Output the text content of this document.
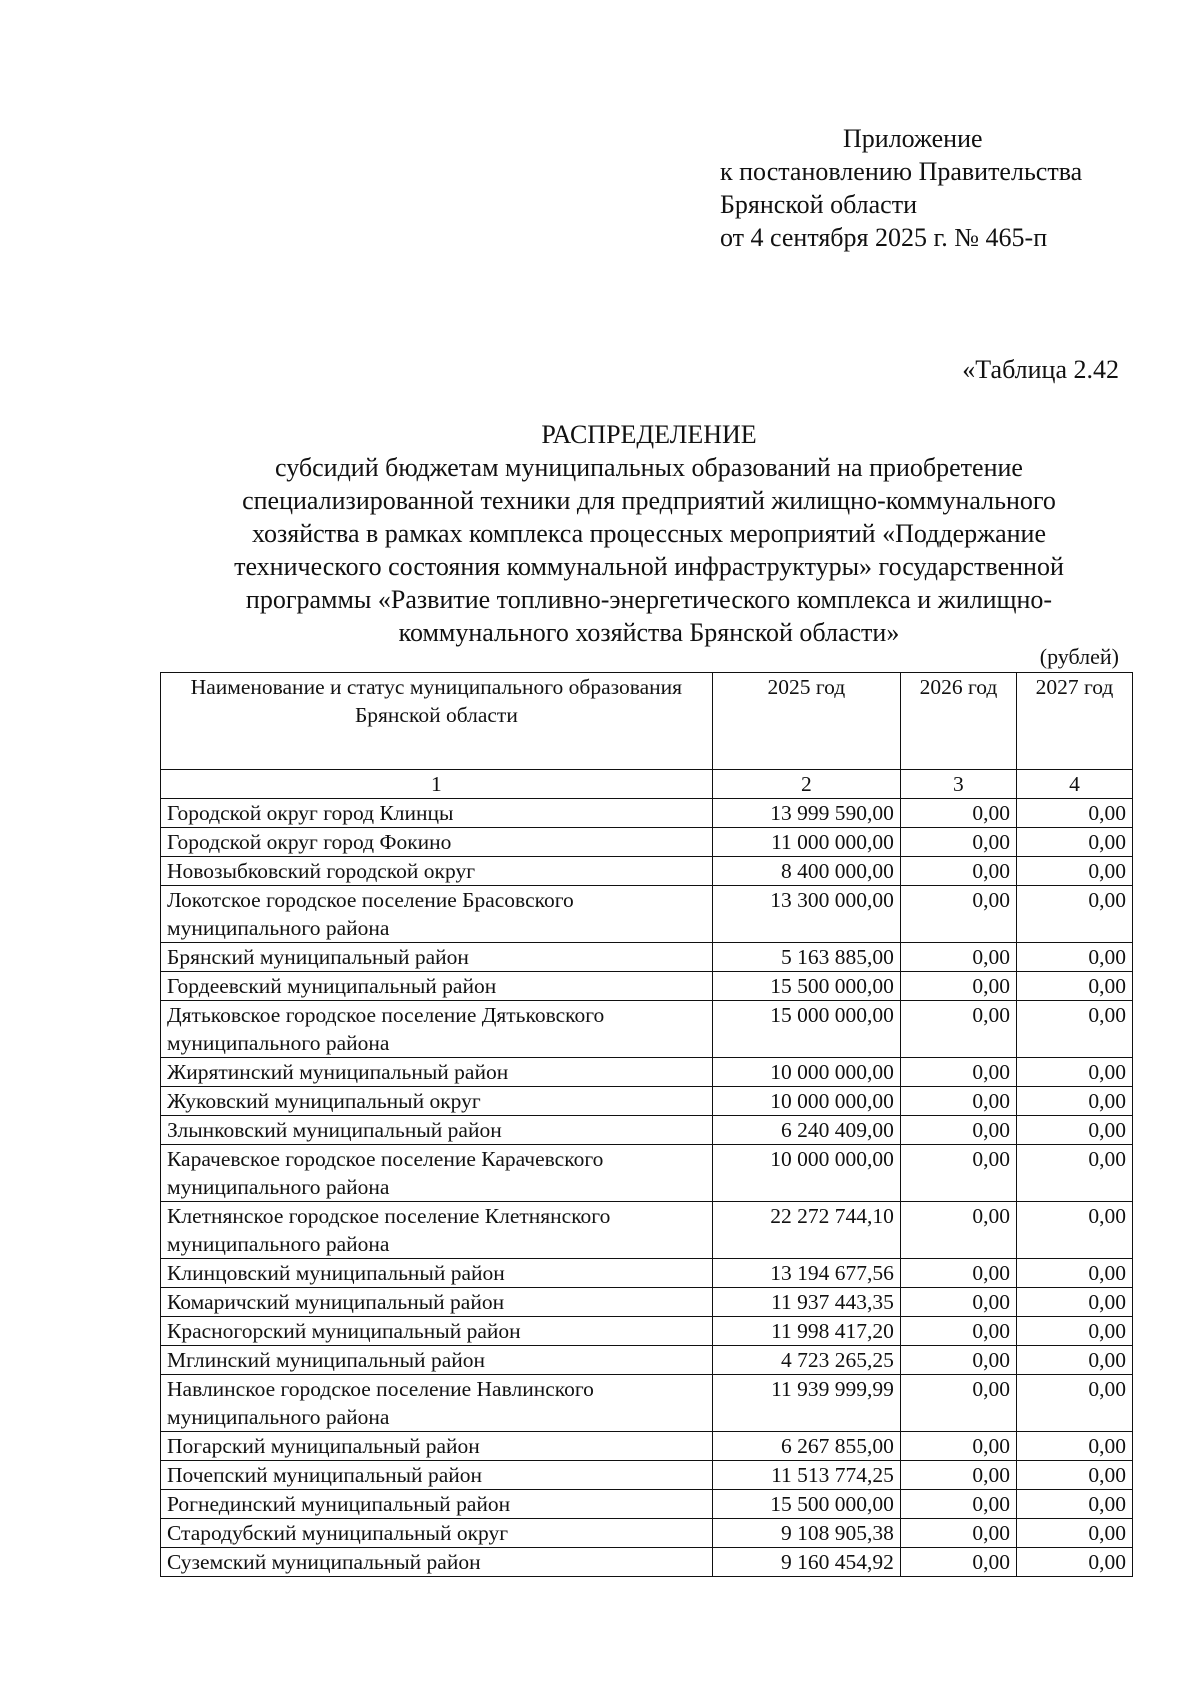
Приложение
к постановлению Правительства
Брянской области
от 4 сентября 2025 г. № 465-п
«Таблица 2.42
РАСПРЕДЕЛЕНИЕ
субсидий бюджетам муниципальных образований на приобретение
специализированной техники для предприятий жилищно-коммунального
хозяйства в рамках комплекса процессных мероприятий «Поддержание
технического состояния коммунальной инфраструктуры» государственной
программы «Развитие топливно-энергетического комплекса и жилищно-
коммунального хозяйства Брянской области»
(рублей)
Наименование и статус муниципального образования Брянской области	2025 год	2026 год	2027 год
1	2	3	4
Городской округ город Клинцы	13 999 590,00	0,00	0,00
Городской округ город Фокино	11 000 000,00	0,00	0,00
Новозыбковский городской округ	8 400 000,00	0,00	0,00
Локотское городское поселение Брасовского муниципального района	13 300 000,00	0,00	0,00
Брянский муниципальный район	5 163 885,00	0,00	0,00
Гордеевский муниципальный район	15 500 000,00	0,00	0,00
Дятьковское городское поселение Дятьковского муниципального района	15 000 000,00	0,00	0,00
Жирятинский муниципальный район	10 000 000,00	0,00	0,00
Жуковский муниципальный округ	10 000 000,00	0,00	0,00
Злынковский муниципальный район	6 240 409,00	0,00	0,00
Карачевское городское поселение Карачевского муниципального района	10 000 000,00	0,00	0,00
Клетнянское городское поселение Клетнянского муниципального района	22 272 744,10	0,00	0,00
Клинцовский муниципальный район	13 194 677,56	0,00	0,00
Комаричский муниципальный район	11 937 443,35	0,00	0,00
Красногорский муниципальный район	11 998 417,20	0,00	0,00
Мглинский муниципальный район	4 723 265,25	0,00	0,00
Навлинское городское поселение Навлинского муниципального района	11 939 999,99	0,00	0,00
Погарский муниципальный район	6 267 855,00	0,00	0,00
Почепский муниципальный район	11 513 774,25	0,00	0,00
Рогнединский муниципальный район	15 500 000,00	0,00	0,00
Стародубский муниципальный округ	9 108 905,38	0,00	0,00
Суземский муниципальный район	9 160 454,92	0,00	0,00
